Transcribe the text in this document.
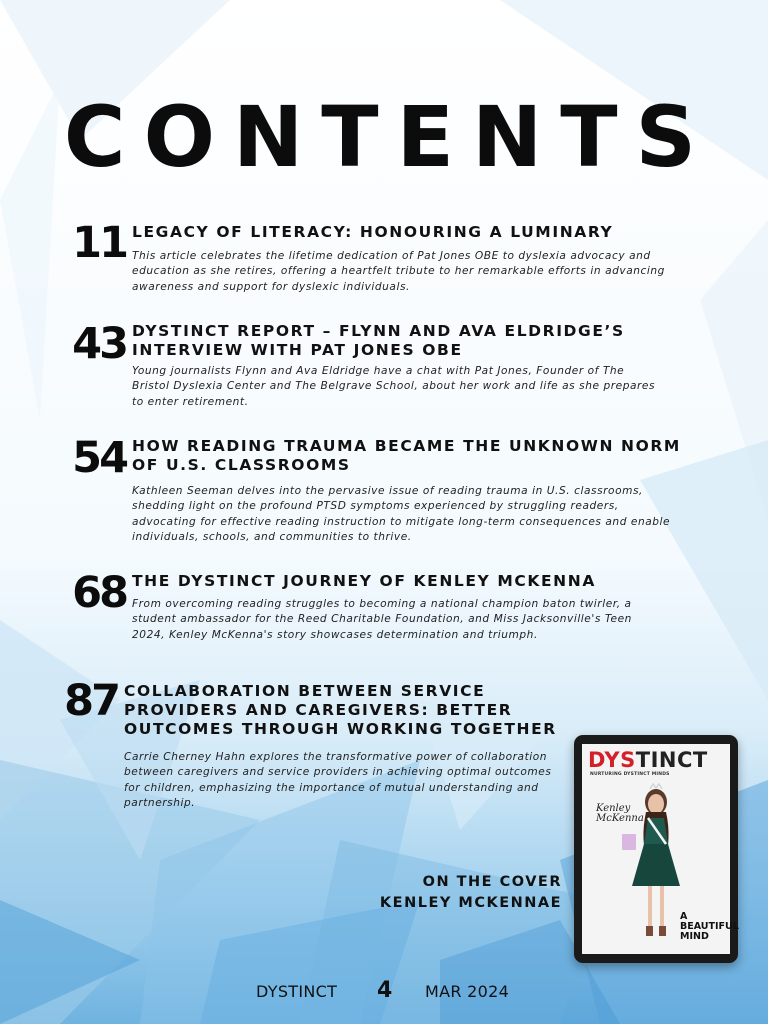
CONTENTS
11 LEGACY OF LITERACY: HONOURING A LUMINARY
This article celebrates the lifetime dedication of Pat Jones OBE to dyslexia advocacy and education as she retires, offering a heartfelt tribute to her remarkable efforts in advancing awareness and support for dyslexic individuals.
43 DYSTINCT REPORT – FLYNN AND AVA ELDRIDGE’S INTERVIEW WITH PAT JONES OBE
Young journalists Flynn and Ava Eldridge have a chat with Pat Jones, Founder of The Bristol Dyslexia Center and The Belgrave School, about her work and life as she prepares to enter retirement.
54 HOW READING TRAUMA BECAME THE UNKNOWN NORM OF U.S. CLASSROOMS
Kathleen Seeman delves into the pervasive issue of reading trauma in U.S. classrooms, shedding light on the profound PTSD symptoms experienced by struggling readers, advocating for effective reading instruction to mitigate long-term consequences and enable individuals, schools, and communities to thrive.
68 THE DYSTINCT JOURNEY OF KENLEY MCKENNA
From overcoming reading struggles to becoming a national champion baton twirler, a student ambassador for the Reed Charitable Foundation, and Miss Jacksonville's Teen 2024, Kenley McKenna's story showcases determination and triumph.
87 COLLABORATION BETWEEN SERVICE PROVIDERS AND CAREGIVERS: BETTER OUTCOMES THROUGH WORKING TOGETHER
Carrie Cherney Hahn explores the transformative power of collaboration between caregivers and service providers in achieving optimal outcomes for children, emphasizing the importance of mutual understanding and partnership.
ON THE COVER
KENLEY MCKENNAE
DYSTINCT
NURTURING DYSTINCT MINDS
Kenley
McKenna
A
BEAUTIFUL
MIND
DYSTINCT 4 MAR 2024
